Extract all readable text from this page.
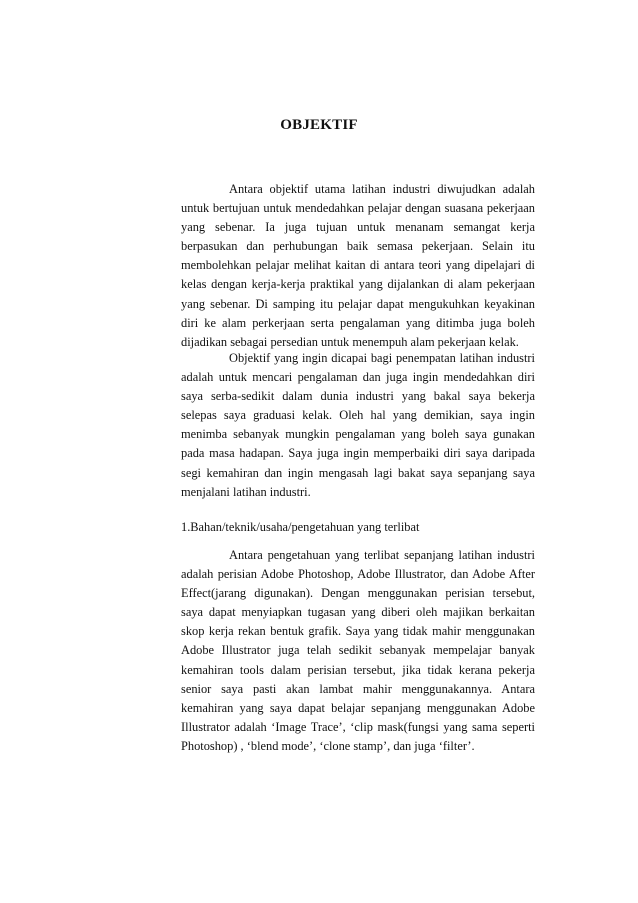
OBJEKTIF

Antara objektif utama latihan industri diwujudkan adalah untuk bertujuan untuk mendedahkan pelajar dengan suasana pekerjaan yang sebenar. Ia juga tujuan untuk menanam semangat kerja berpasukan dan perhubungan baik semasa pekerjaan. Selain itu membolehkan pelajar melihat kaitan di antara teori yang dipelajari di kelas dengan kerja-kerja praktikal yang dijalankan di alam pekerjaan yang sebenar. Di samping itu pelajar dapat mengukuhkan keyakinan diri ke alam perkerjaan serta pengalaman yang ditimba juga boleh dijadikan sebagai persedian untuk menempuh alam pekerjaan kelak.

Objektif yang ingin dicapai bagi penempatan latihan industri adalah untuk mencari pengalaman dan juga ingin mendedahkan diri saya serba-sedikit dalam dunia industri yang bakal saya bekerja selepas saya graduasi kelak. Oleh hal yang demikian, saya ingin menimba sebanyak mungkin pengalaman yang boleh saya gunakan pada masa hadapan. Saya juga ingin memperbaiki diri saya daripada segi kemahiran dan ingin mengasah lagi bakat saya sepanjang saya menjalani latihan industri.

1.Bahan/teknik/usaha/pengetahuan yang terlibat

Antara pengetahuan yang terlibat sepanjang latihan industri adalah perisian Adobe Photoshop, Adobe Illustrator, dan Adobe After Effect(jarang digunakan). Dengan menggunakan perisian tersebut, saya dapat menyiapkan tugasan yang diberi oleh majikan berkaitan skop kerja rekan bentuk grafik. Saya yang tidak mahir menggunakan Adobe Illustrator juga telah sedikit sebanyak mempelajar banyak kemahiran tools dalam perisian tersebut, jika tidak kerana pekerja senior saya pasti akan lambat mahir menggunakannya. Antara kemahiran yang saya dapat belajar sepanjang menggunakan Adobe Illustrator adalah ‘Image Trace’, ‘clip mask(fungsi yang sama seperti Photoshop) , ‘blend mode’, ‘clone stamp’, dan juga ‘filter’.
